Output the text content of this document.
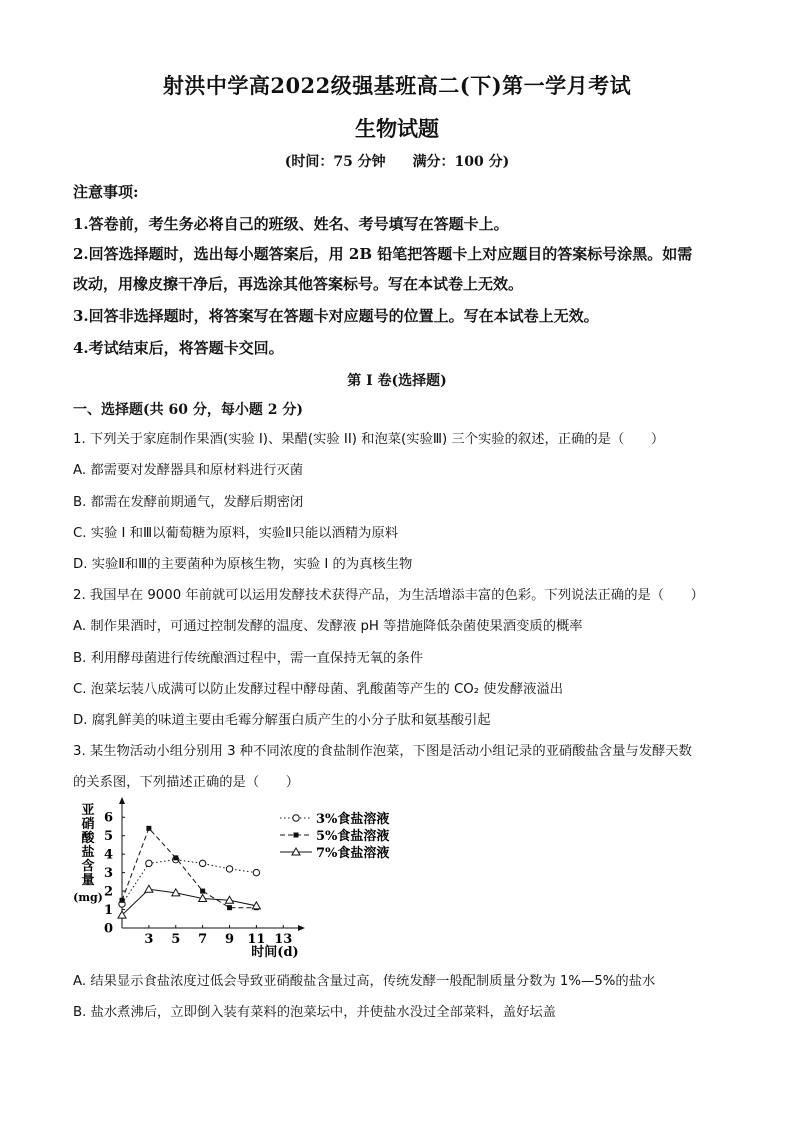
射洪中学高2022级强基班高二(下)第一学月考试
生物试题
(时间：75 分钟 满分：100 分)
注意事项:
1.答卷前，考生务必将自己的班级、姓名、考号填写在答题卡上。
2.回答选择题时，选出每小题答案后，用 2B 铅笔把答题卡上对应题目的答案标号涂黑。如需
改动，用橡皮擦干净后，再选涂其他答案标号。写在本试卷上无效。
3.回答非选择题时，将答案写在答题卡对应题号的位置上。写在本试卷上无效。
4.考试结束后，将答题卡交回。
第 I 卷(选择题)
一、选择题(共 60 分，每小题 2 分)
1. 下列关于家庭制作果酒(实验 I)、果醋(实验 II) 和泡菜(实验Ⅲ) 三个实验的叙述，正确的是（　　）
A. 都需要对发酵器具和原材料进行灭菌
B. 都需在发酵前期通气，发酵后期密闭
C. 实验 I 和Ⅲ以葡萄糖为原料，实验Ⅱ只能以酒精为原料
D. 实验Ⅱ和Ⅲ的主要菌种为原核生物，实验 I 的为真核生物
2. 我国早在 9000 年前就可以运用发酵技术获得产品，为生活增添丰富的色彩。下列说法正确的是（　　）
A. 制作果酒时，可通过控制发酵的温度、发酵液 pH 等措施降低杂菌使果酒变质的概率
B. 利用酵母菌进行传统酿酒过程中，需一直保持无氧的条件
C. 泡菜坛装八成满可以防止发酵过程中酵母菌、乳酸菌等产生的 CO₂ 使发酵液溢出
D. 腐乳鲜美的味道主要由毛霉分解蛋白质产生的小分子肽和氨基酸引起
3. 某生物活动小组分别用 3 种不同浓度的食盐制作泡菜，下图是活动小组记录的亚硝酸盐含量与发酵天数
的关系图，下列描述正确的是（　　）
亚
硝
酸
盐
含
量
(mg)
0
1
2
3
4
5
6
3 5 7 9 11 13
时间(d)
3%食盐溶液
5%食盐溶液
7%食盐溶液
A. 结果显示食盐浓度过低会导致亚硝酸盐含量过高，传统发酵一般配制质量分数为 1%—5%的盐水
B. 盐水煮沸后，立即倒入装有菜料的泡菜坛中，并使盐水没过全部菜料，盖好坛盖
